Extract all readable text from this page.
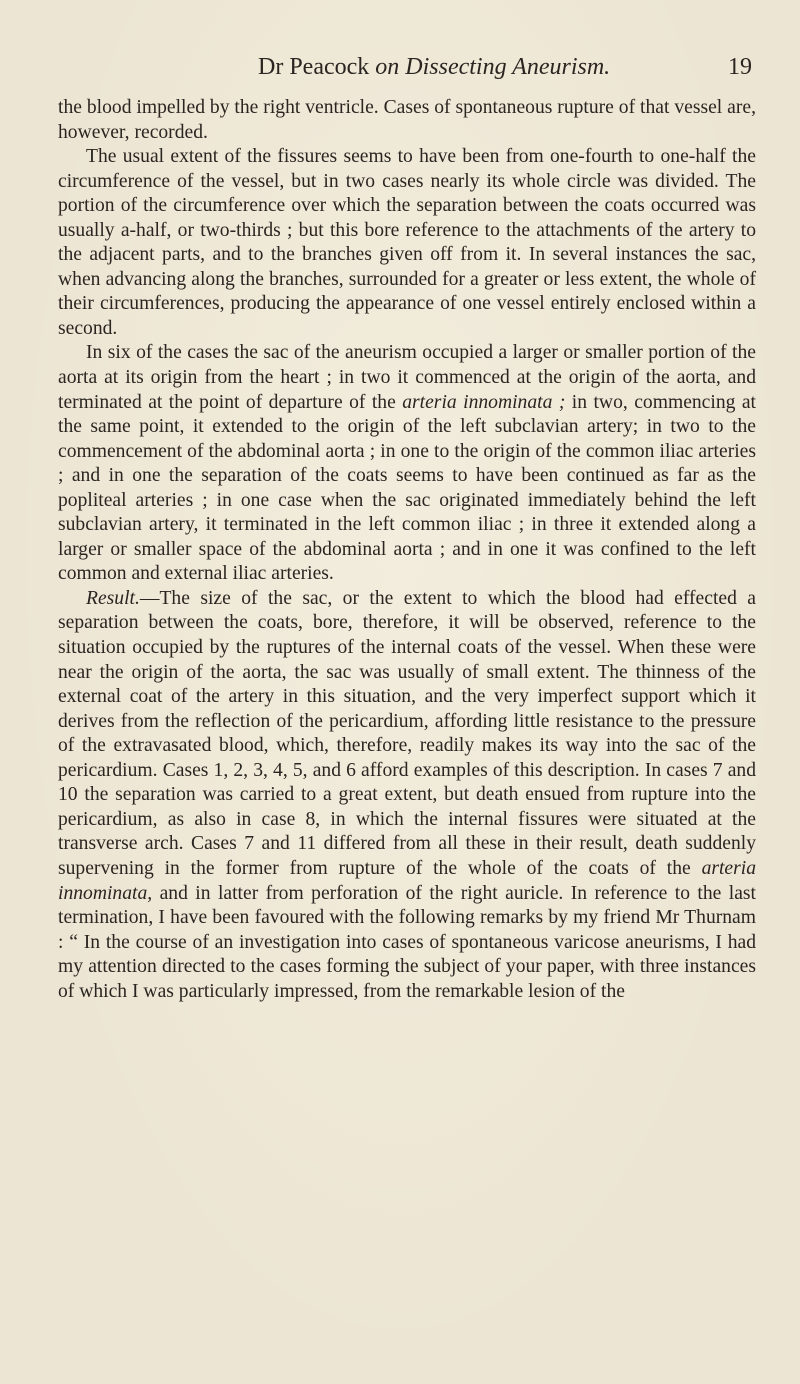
Dr Peacock on Dissecting Aneurism.	19

the blood impelled by the right ventricle. Cases of spontaneous rupture of that vessel are, however, recorded.

The usual extent of the fissures seems to have been from one-fourth to one-half the circumference of the vessel, but in two cases nearly its whole circle was divided. The portion of the circumference over which the separation between the coats occurred was usually a-half, or two-thirds ; but this bore reference to the attachments of the artery to the adjacent parts, and to the branches given off from it. In several instances the sac, when advancing along the branches, surrounded for a greater or less extent, the whole of their circumferences, producing the appearance of one vessel entirely enclosed within a second.

In six of the cases the sac of the aneurism occupied a larger or smaller portion of the aorta at its origin from the heart ; in two it commenced at the origin of the aorta, and terminated at the point of departure of the arteria innominata ; in two, commencing at the same point, it extended to the origin of the left subclavian artery; in two to the commencement of the abdominal aorta ; in one to the origin of the common iliac arteries ; and in one the separation of the coats seems to have been continued as far as the popliteal arteries ; in one case when the sac originated immediately behind the left subclavian artery, it terminated in the left common iliac ; in three it extended along a larger or smaller space of the abdominal aorta ; and in one it was confined to the left common and external iliac arteries.

Result.—The size of the sac, or the extent to which the blood had effected a separation between the coats, bore, therefore, it will be observed, reference to the situation occupied by the ruptures of the internal coats of the vessel. When these were near the origin of the aorta, the sac was usually of small extent. The thinness of the external coat of the artery in this situation, and the very imperfect support which it derives from the reflection of the pericardium, affording little resistance to the pressure of the extravasated blood, which, therefore, readily makes its way into the sac of the pericardium. Cases 1, 2, 3, 4, 5, and 6 afford examples of this description. In cases 7 and 10 the separation was carried to a great extent, but death ensued from rupture into the pericardium, as also in case 8, in which the internal fissures were situated at the transverse arch. Cases 7 and 11 differed from all these in their result, death suddenly supervening in the former from rupture of the whole of the coats of the arteria innominata, and in latter from perforation of the right auricle. In reference to the last termination, I have been favoured with the following remarks by my friend Mr Thurnam : “ In the course of an investigation into cases of spontaneous varicose aneurisms, I had my attention directed to the cases forming the subject of your paper, with three instances of which I was particularly impressed, from the remarkable lesion of the
